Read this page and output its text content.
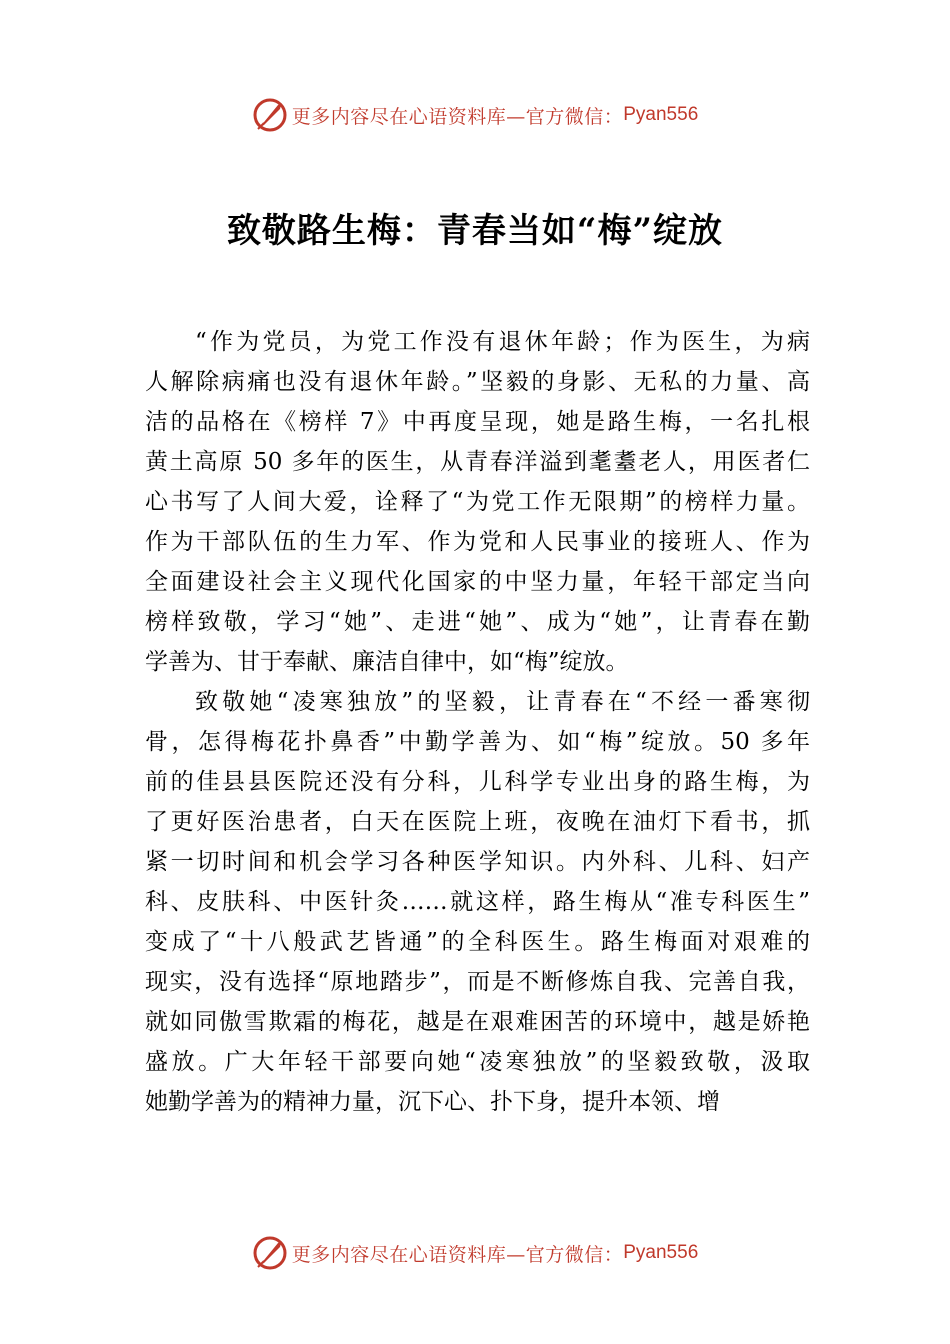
更多内容尽在心语资料库—官方微信： Pyan556
致敬路生梅：青春当如“梅”绽放

“作为党员，为党工作没有退休年龄；作为医生，为病
人解除病痛也没有退休年龄。”坚毅的身影、无私的力量、高
洁的品格在《榜样 7》中再度呈现，她是路生梅，一名扎根
黄土高原 50 多年的医生，从青春洋溢到耄耋老人，用医者仁
心书写了人间大爱，诠释了“为党工作无限期”的榜样力量。
作为干部队伍的生力军、作为党和人民事业的接班人、作为
全面建设社会主义现代化国家的中坚力量，年轻干部定当向
榜样致敬，学习“她”、走进“她”、成为“她”，让青春在勤
学善为、甘于奉献、廉洁自律中，如“梅”绽放。

致敬她“凌寒独放”的坚毅，让青春在“不经一番寒彻
骨，怎得梅花扑鼻香”中勤学善为、如“梅”绽放。50 多年
前的佳县县医院还没有分科，儿科学专业出身的路生梅，为
了更好医治患者，白天在医院上班，夜晚在油灯下看书，抓
紧一切时间和机会学习各种医学知识。内外科、儿科、妇产
科、皮肤科、中医针灸……就这样，路生梅从“准专科医生”
变成了“十八般武艺皆通”的全科医生。路生梅面对艰难的
现实，没有选择“原地踏步”，而是不断修炼自我、完善自我，
就如同傲雪欺霜的梅花，越是在艰难困苦的环境中，越是娇艳
盛放。广大年轻干部要向她“凌寒独放”的坚毅致敬，汲取
她勤学善为的精神力量，沉下心、扑下身，提升本领、增

更多内容尽在心语资料库—官方微信： Pyan556
